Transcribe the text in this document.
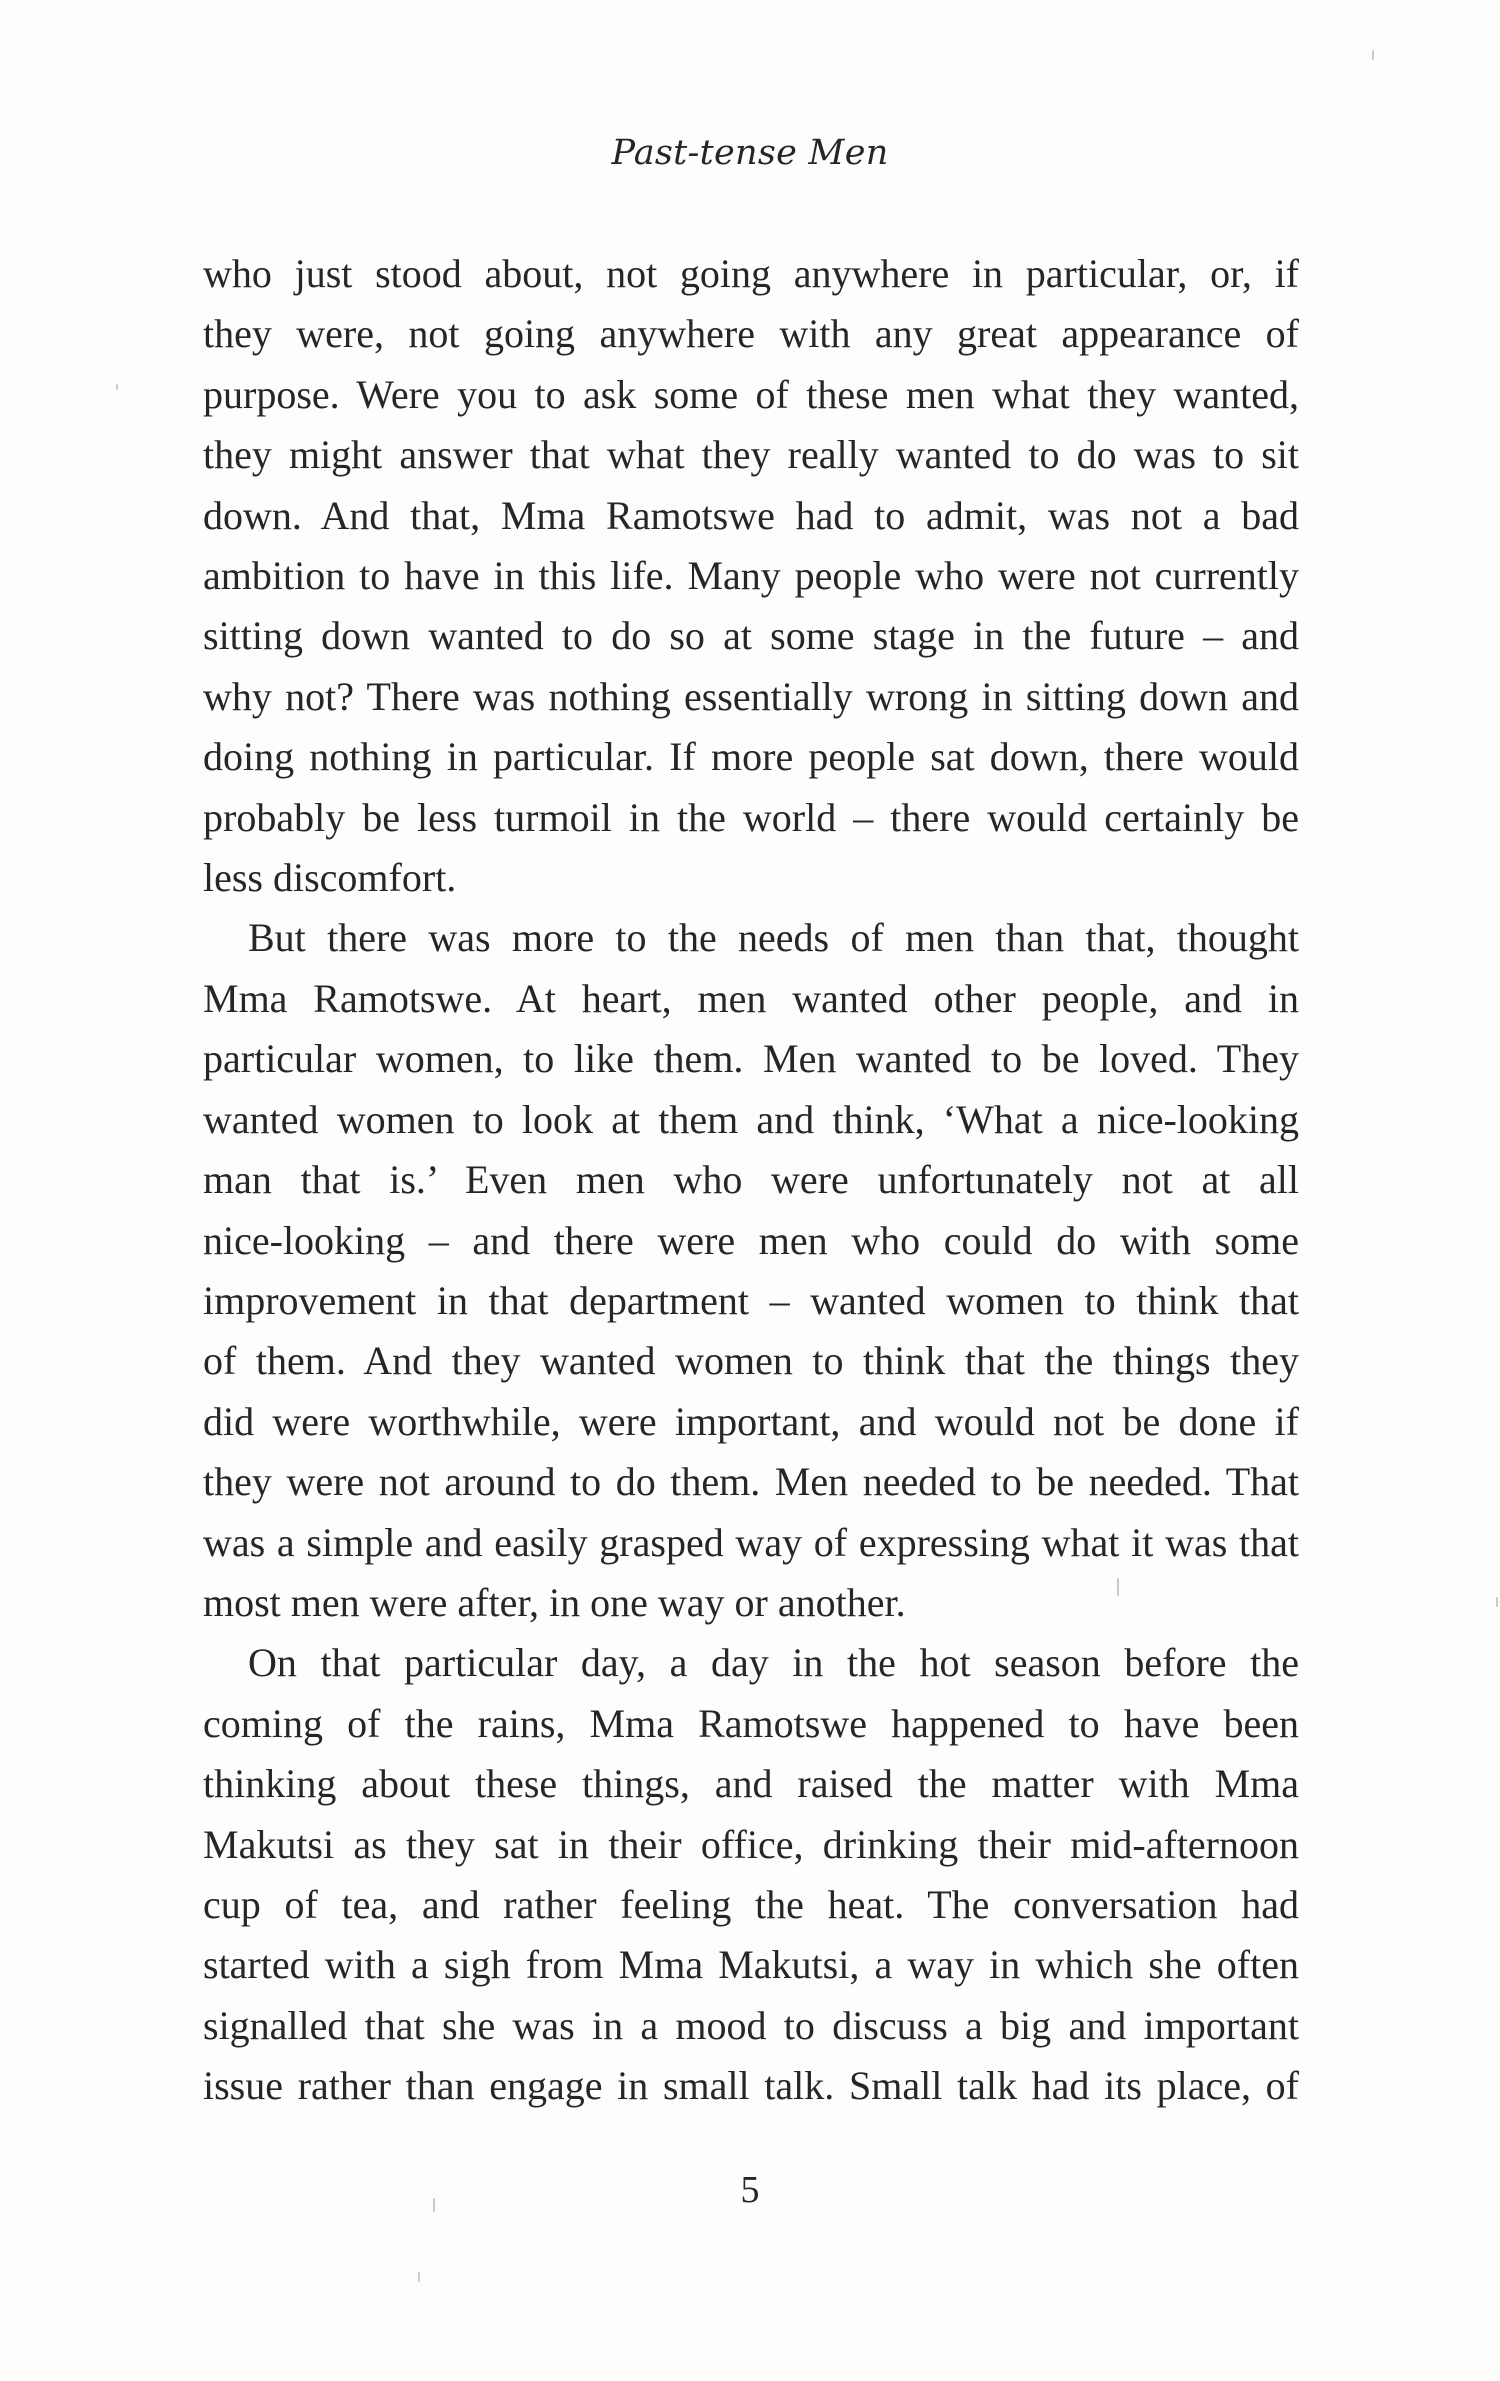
Past-tense Men

who just stood about, not going anywhere in particular, or, if
they were, not going anywhere with any great appearance of
purpose. Were you to ask some of these men what they wanted,
they might answer that what they really wanted to do was to sit
down. And that, Mma Ramotswe had to admit, was not a bad
ambition to have in this life. Many people who were not currently
sitting down wanted to do so at some stage in the future – and
why not? There was nothing essentially wrong in sitting down and
doing nothing in particular. If more people sat down, there would
probably be less turmoil in the world – there would certainly be
less discomfort.

But there was more to the needs of men than that, thought
Mma Ramotswe. At heart, men wanted other people, and in
particular women, to like them. Men wanted to be loved. They
wanted women to look at them and think, ‘What a nice-looking
man that is.’ Even men who were unfortunately not at all
nice-looking – and there were men who could do with some
improvement in that department – wanted women to think that
of them. And they wanted women to think that the things they
did were worthwhile, were important, and would not be done if
they were not around to do them. Men needed to be needed. That
was a simple and easily grasped way of expressing what it was that
most men were after, in one way or another.

On that particular day, a day in the hot season before the
coming of the rains, Mma Ramotswe happened to have been
thinking about these things, and raised the matter with Mma
Makutsi as they sat in their office, drinking their mid-afternoon
cup of tea, and rather feeling the heat. The conversation had
started with a sigh from Mma Makutsi, a way in which she often
signalled that she was in a mood to discuss a big and important
issue rather than engage in small talk. Small talk had its place, of

5
